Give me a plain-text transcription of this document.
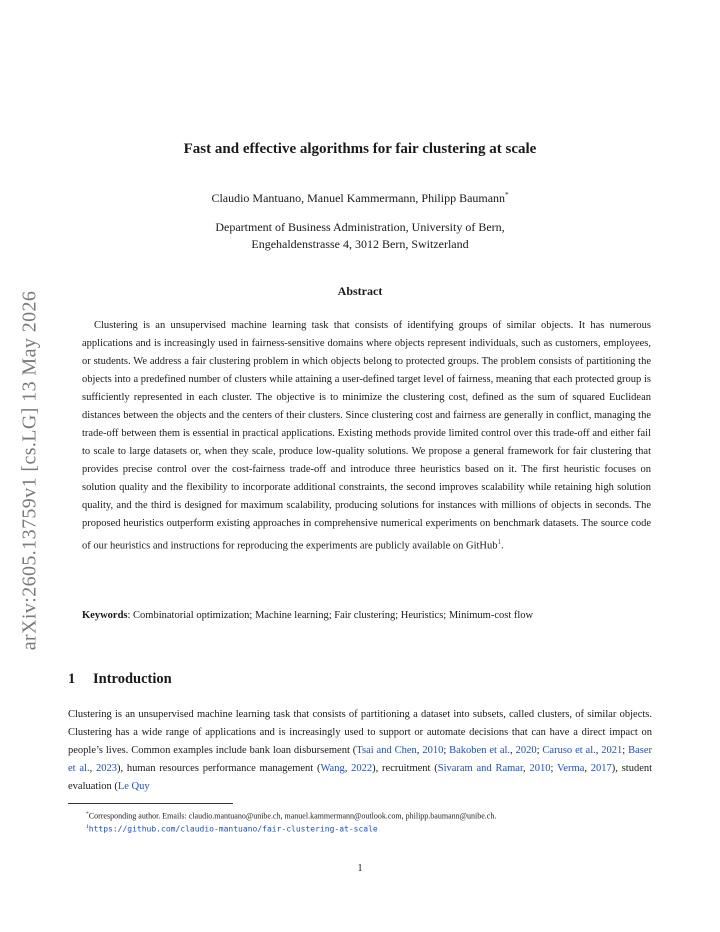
arXiv:2605.13759v1 [cs.LG] 13 May 2026
Fast and effective algorithms for fair clustering at scale
Claudio Mantuano, Manuel Kammermann, Philipp Baumann*
Department of Business Administration, University of Bern,
Engehaldenstrasse 4, 3012 Bern, Switzerland
Abstract

Clustering is an unsupervised machine learning task that consists of identifying groups of similar objects. It has numerous applications and is increasingly used in fairness-sensitive domains where objects represent individuals, such as customers, employees, or students. We address a fair clustering problem in which objects belong to protected groups. The problem consists of partitioning the objects into a predefined number of clusters while attaining a user-defined target level of fairness, meaning that each protected group is sufficiently represented in each cluster. The objective is to minimize the clustering cost, defined as the sum of squared Euclidean distances between the objects and the centers of their clusters. Since clustering cost and fairness are generally in conflict, managing the trade-off between them is essential in practical applications. Existing methods provide limited control over this trade-off and either fail to scale to large datasets or, when they scale, produce low-quality solutions. We propose a general framework for fair clustering that provides precise control over the cost-fairness trade-off and introduce three heuristics based on it. The first heuristic focuses on solution quality and the flexibility to incorporate additional constraints, the second improves scalability while retaining high solution quality, and the third is designed for maximum scalability, producing solutions for instances with millions of objects in seconds. The proposed heuristics outperform existing approaches in comprehensive numerical experiments on benchmark datasets. The source code of our heuristics and instructions for reproducing the experiments are publicly available on GitHub$^1$.

Keywords: Combinatorial optimization; Machine learning; Fair clustering; Heuristics; Minimum-cost flow
1 Introduction

Clustering is an unsupervised machine learning task that consists of partitioning a dataset into subsets, called clusters, of similar objects. Clustering has a wide range of applications and is increasingly used to support or automate decisions that can have a direct impact on people’s lives. Common examples include bank loan disbursement (Tsai and Chen, 2010; Bakoben et al., 2020; Caruso et al., 2021; Baser et al., 2023), human resources performance management (Wang, 2022), recruitment (Sivaram and Ramar, 2010; Verma, 2017), student evaluation (Le Quy

*Corresponding author. Emails: claudio.mantuano@unibe.ch, manuel.kammermann@outlook.com, philipp.baumann@unibe.ch.
$^1$https://github.com/claudio-mantuano/fair-clustering-at-scale
1
